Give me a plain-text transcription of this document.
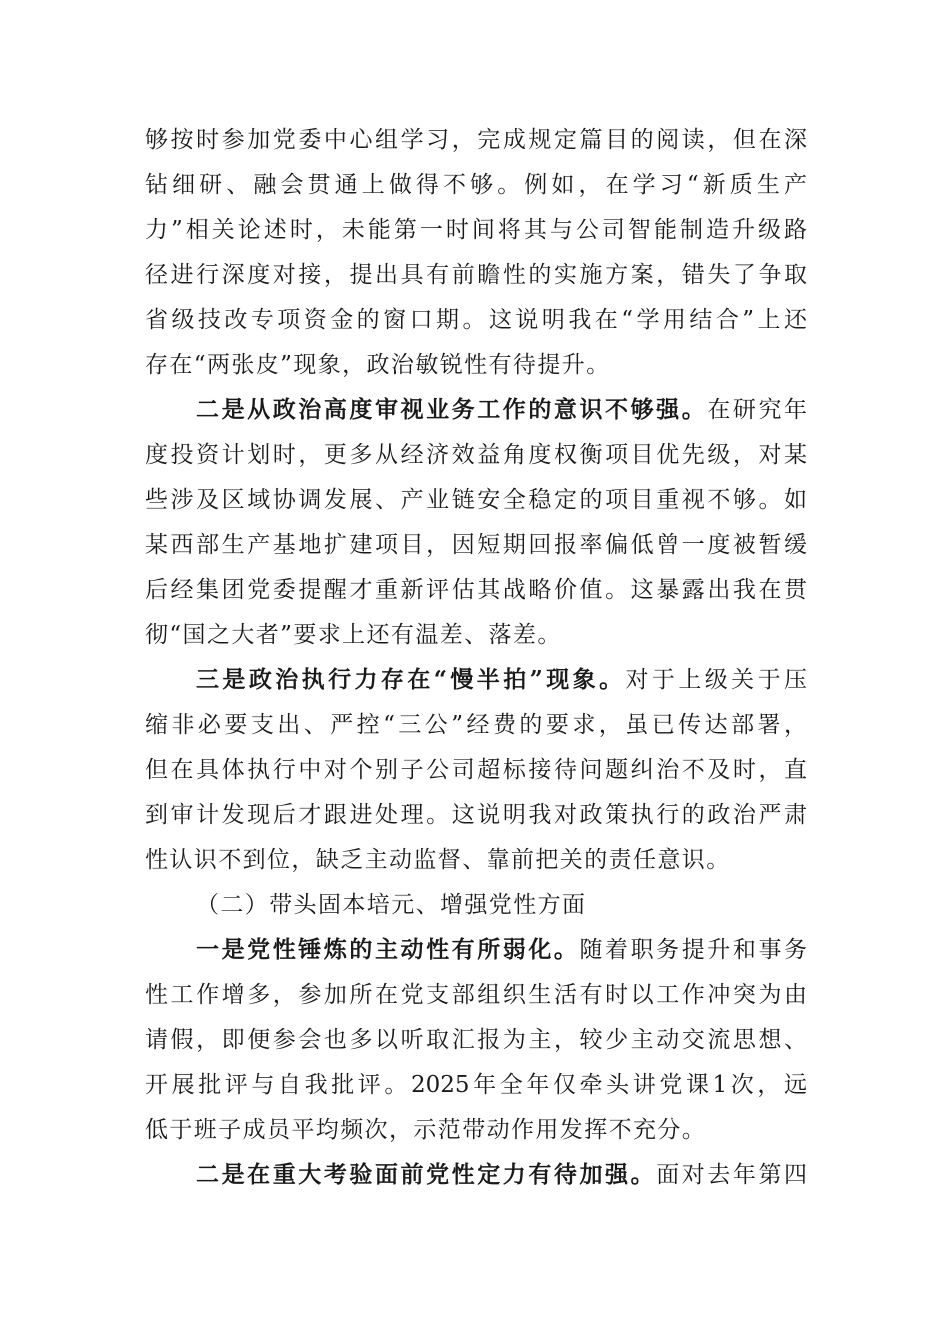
够按时参加党委中心组学习，完成规定篇目的阅读，但在深
钻细研、融会贯通上做得不够。例如，在学习“新质生产
力”相关论述时，未能第一时间将其与公司智能制造升级路
径进行深度对接，提出具有前瞻性的实施方案，错失了争取
省级技改专项资金的窗口期。这说明我在“学用结合”上还
存在“两张皮”现象，政治敏锐性有待提升。
二是从政治高度审视业务工作的意识不够强。在研究年
度投资计划时，更多从经济效益角度权衡项目优先级，对某
些涉及区域协调发展、产业链安全稳定的项目重视不够。如
某西部生产基地扩建项目，因短期回报率偏低曾一度被暂缓
后经集团党委提醒才重新评估其战略价值。这暴露出我在贯
彻“国之大者”要求上还有温差、落差。
三是政治执行力存在“慢半拍”现象。对于上级关于压
缩非必要支出、严控“三公”经费的要求，虽已传达部署，
但在具体执行中对个别子公司超标接待问题纠治不及时，直
到审计发现后才跟进处理。这说明我对政策执行的政治严肃
性认识不到位，缺乏主动监督、靠前把关的责任意识。
（二）带头固本培元、增强党性方面
一是党性锤炼的主动性有所弱化。随着职务提升和事务
性工作增多，参加所在党支部组织生活有时以工作冲突为由
请假，即便参会也多以听取汇报为主，较少主动交流思想、
开展批评与自我批评。2025年全年仅牵头讲党课1次，远
低于班子成员平均频次，示范带动作用发挥不充分。
二是在重大考验面前党性定力有待加强。面对去年第四
